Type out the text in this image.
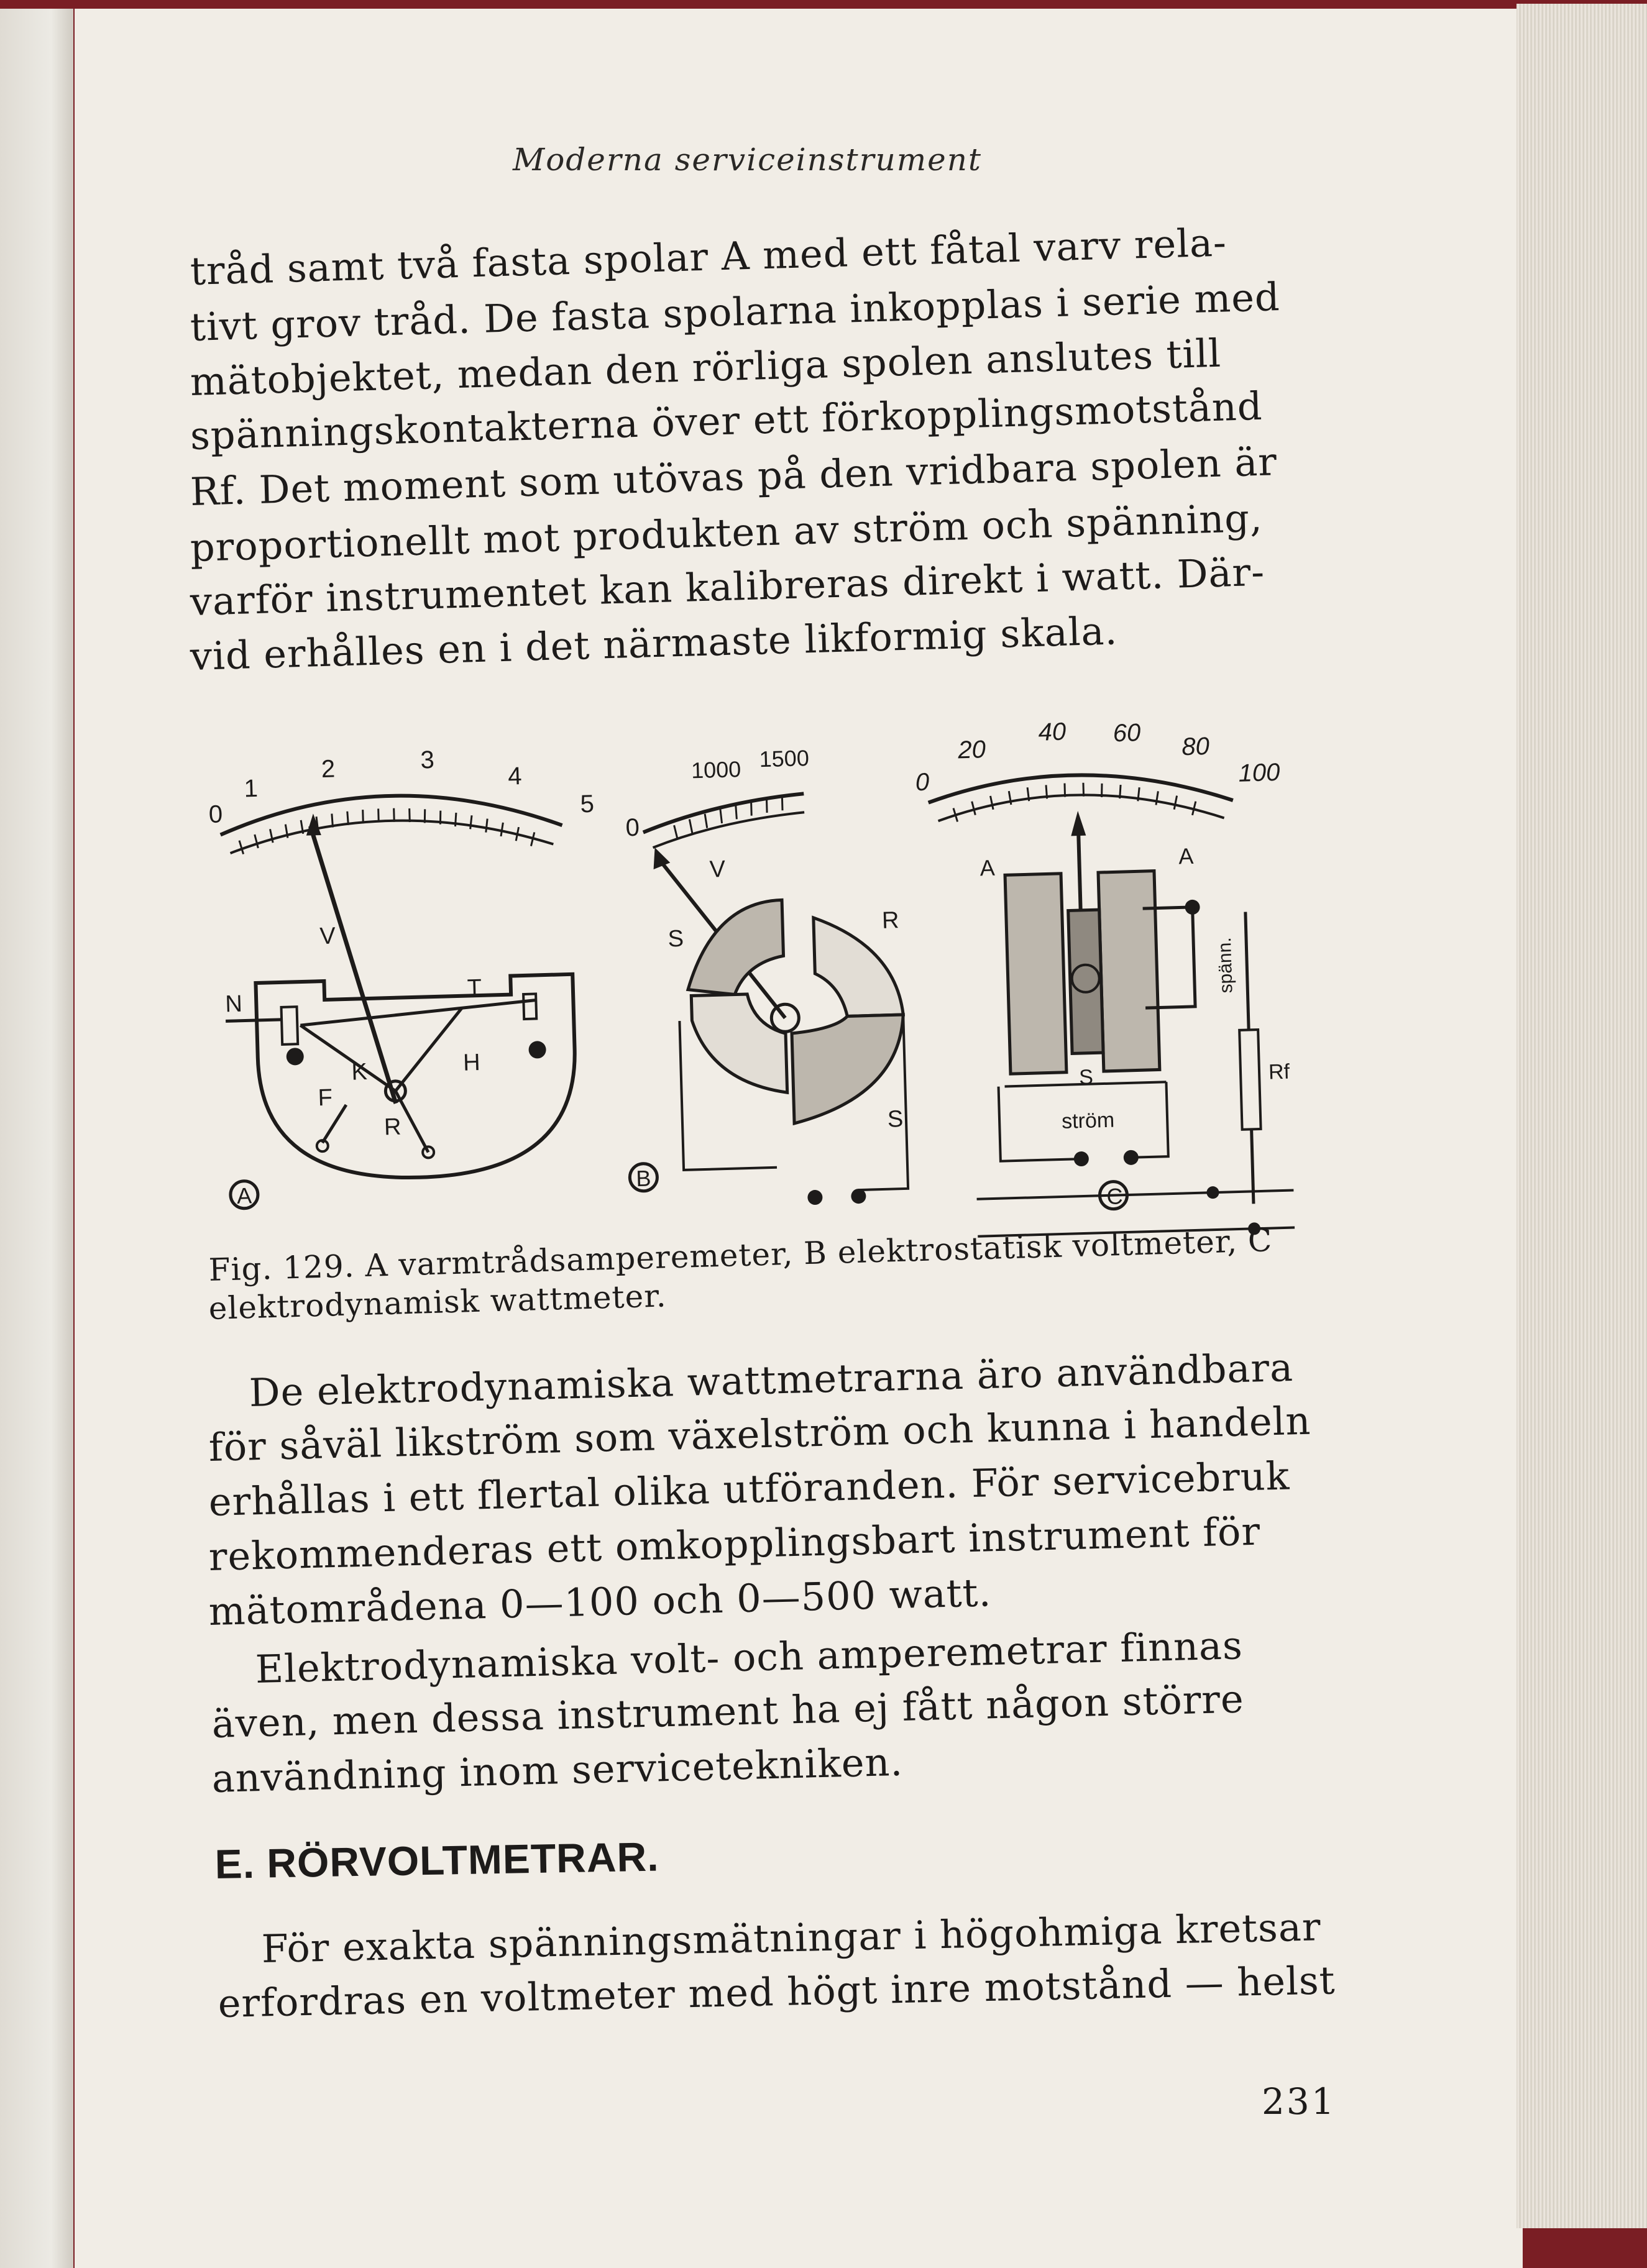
Moderna serviceinstrument
tråd samt två fasta spolar A med ett fåtal varv rela-
tivt grov tråd. De fasta spolarna inkopplas i serie med
mätobjektet, medan den rörliga spolen anslutes till
spänningskontakterna över ett förkopplingsmotstånd
Rf. Det moment som utövas på den vridbara spolen är
proportionellt mot produkten av ström och spänning,
varför instrumentet kan kalibreras direkt i watt. Där-
vid erhålles en i det närmaste likformig skala.
0
1
2	3
4
5
V
N
T
H
K
F
R
A
0
1000 1500
V
S
R
S
B
0
20
40 60 80
100
A	A
S
spänn.
ström
Rf
C
Fig. 129. A varmtrådsamperemeter, B elektrostatisk voltmeter, C
elektrodynamisk wattmeter.
De elektrodynamiska wattmetrarna äro användbara
för såväl likström som växelström och kunna i handeln
erhållas i ett flertal olika utföranden. För servicebruk
rekommenderas ett omkopplingsbart instrument för
mätområdena 0—100 och 0—500 watt.
Elektrodynamiska volt- och amperemetrar finnas
även, men dessa instrument ha ej fått någon större
användning inom servicetekniken.
E. RÖRVOLTMETRAR.
För exakta spänningsmätningar i högohmiga kretsar
erfordras en voltmeter med högt inre motstånd — helst
231
